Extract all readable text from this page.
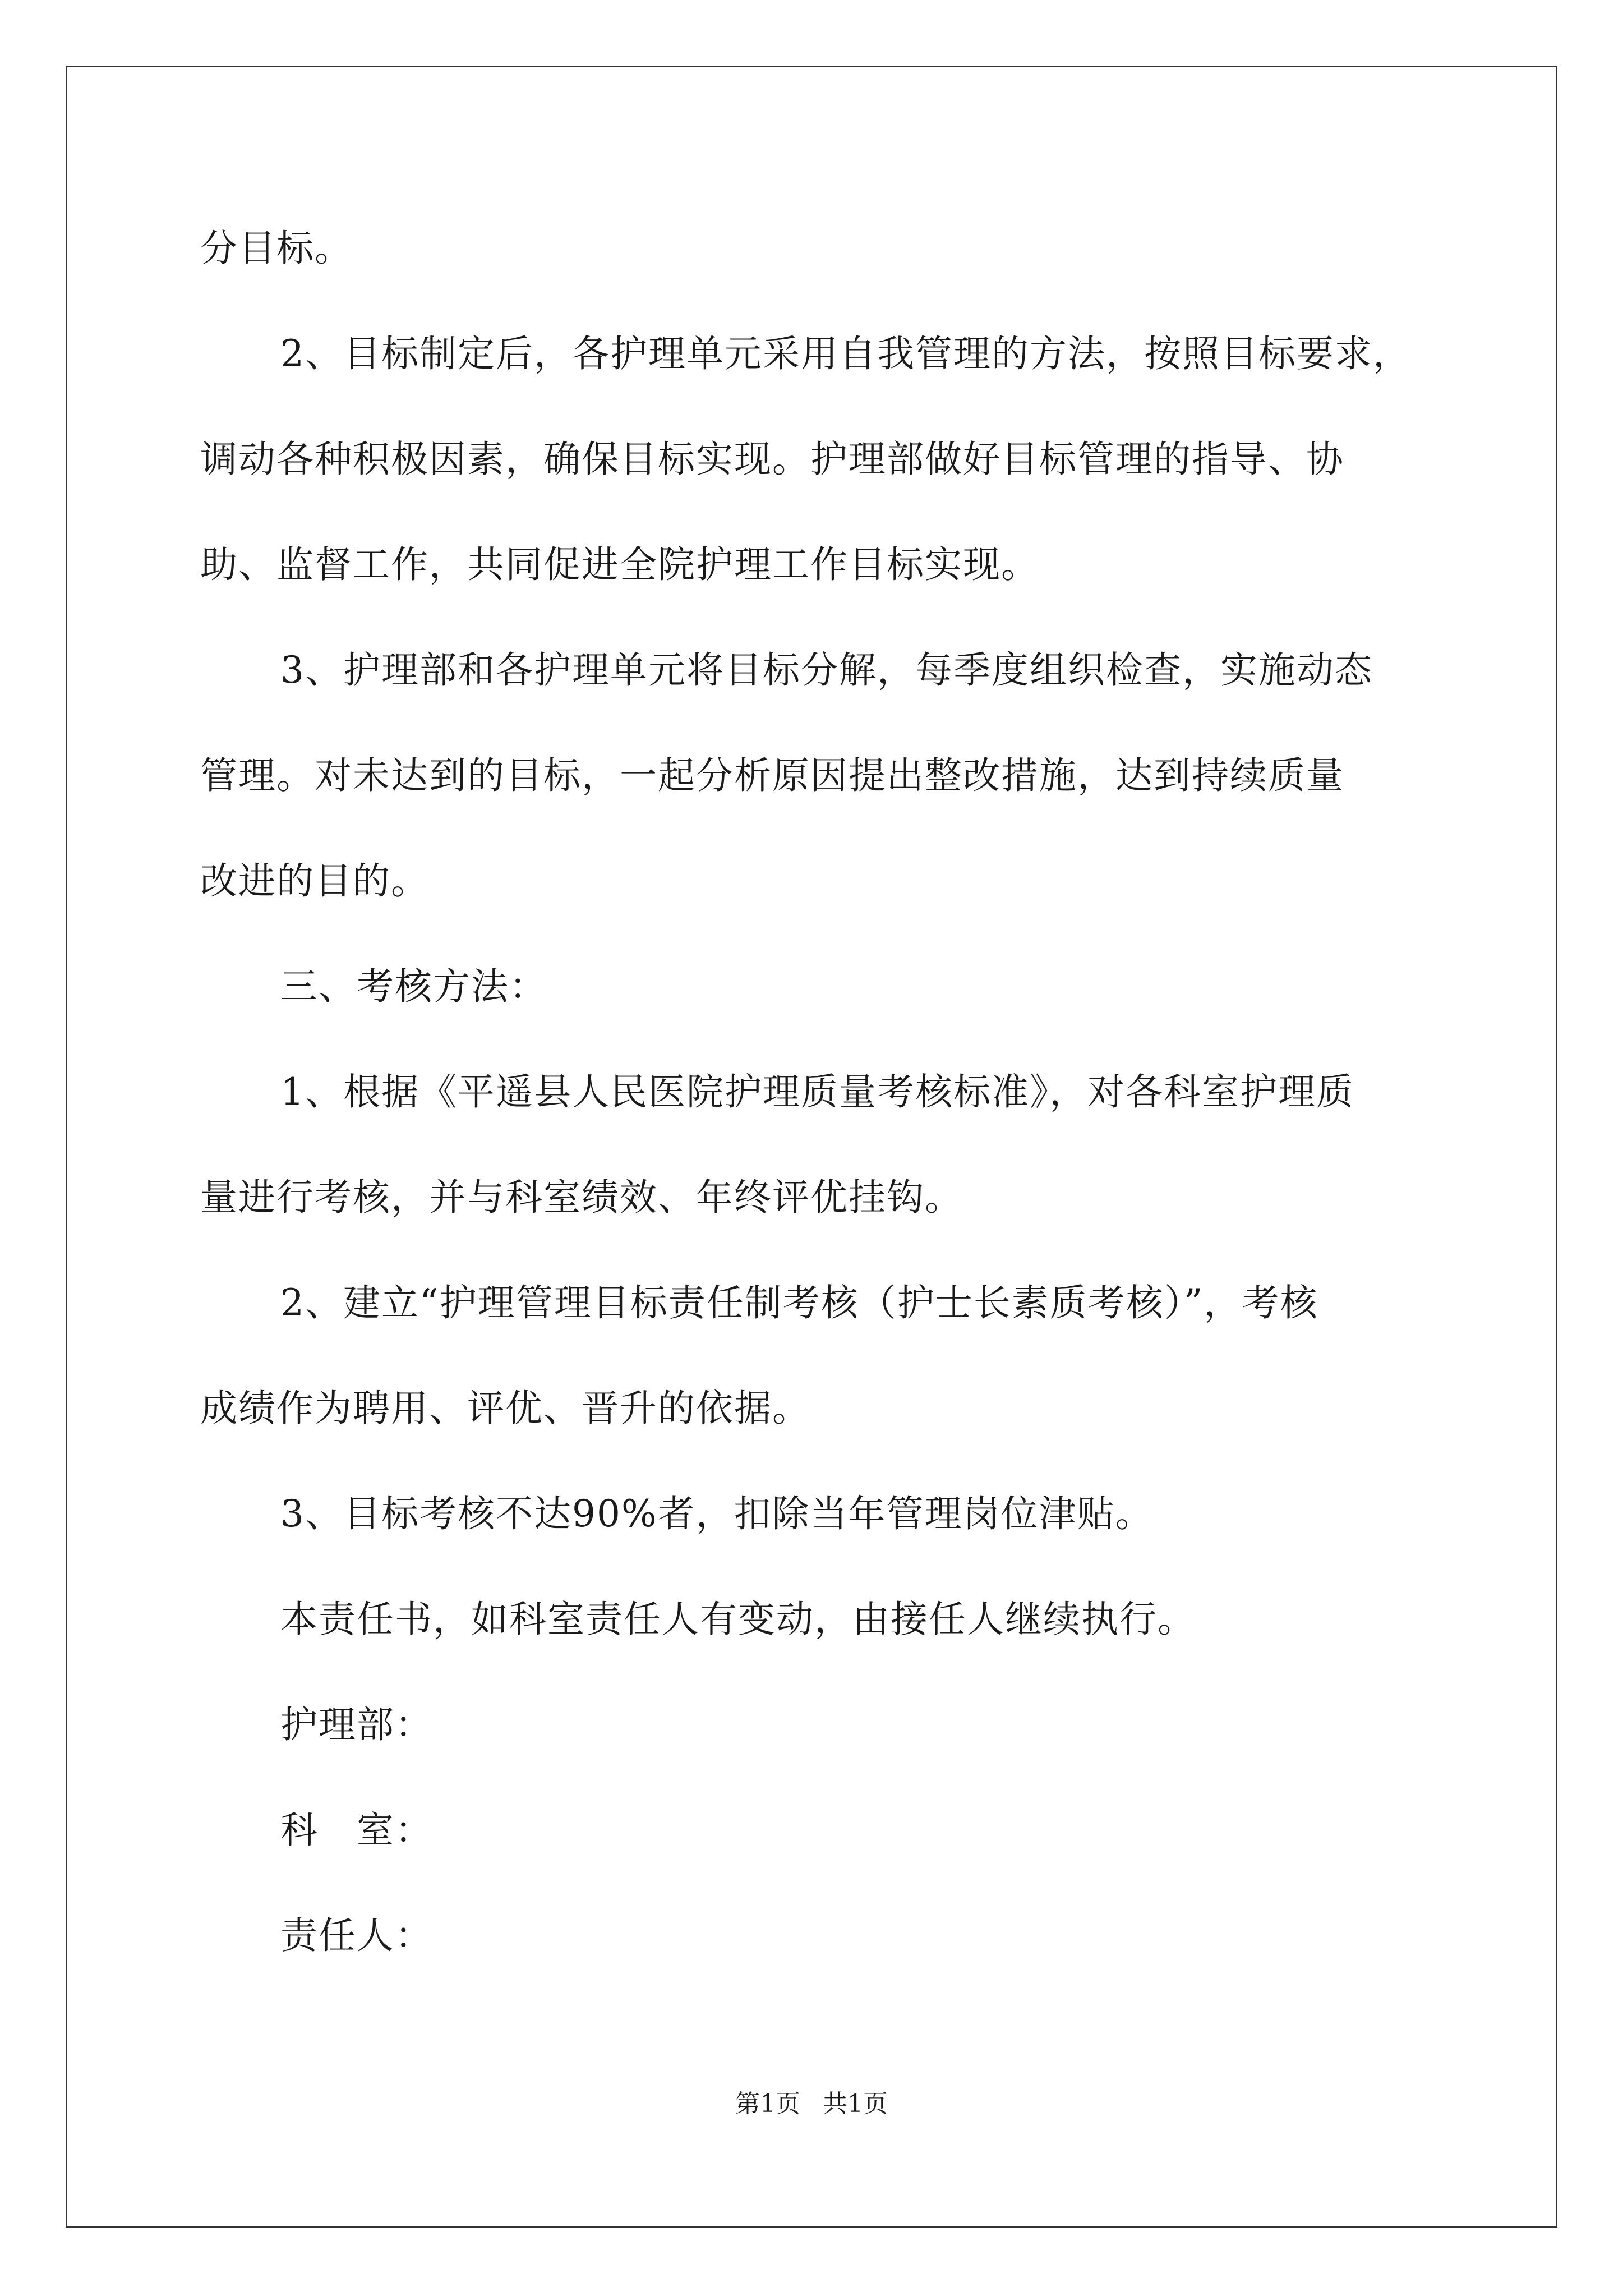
分目标。
2、目标制定后，各护理单元采用自我管理的方法，按照目标要求，
调动各种积极因素，确保目标实现。护理部做好目标管理的指导、协
助、监督工作，共同促进全院护理工作目标实现。
3、护理部和各护理单元将目标分解，每季度组织检查，实施动态
管理。对未达到的目标，一起分析原因提出整改措施，达到持续质量
改进的目的。
三、考核方法：
1、根据《平遥县人民医院护理质量考核标准》，对各科室护理质
量进行考核，并与科室绩效、年终评优挂钩。
2、建立“护理管理目标责任制考核（护士长素质考核）”，考核
成绩作为聘用、评优、晋升的依据。
3、目标考核不达90%者，扣除当年管理岗位津贴。
本责任书，如科室责任人有变动，由接任人继续执行。
护理部：
科　室：
责任人：
第1页 共1页
